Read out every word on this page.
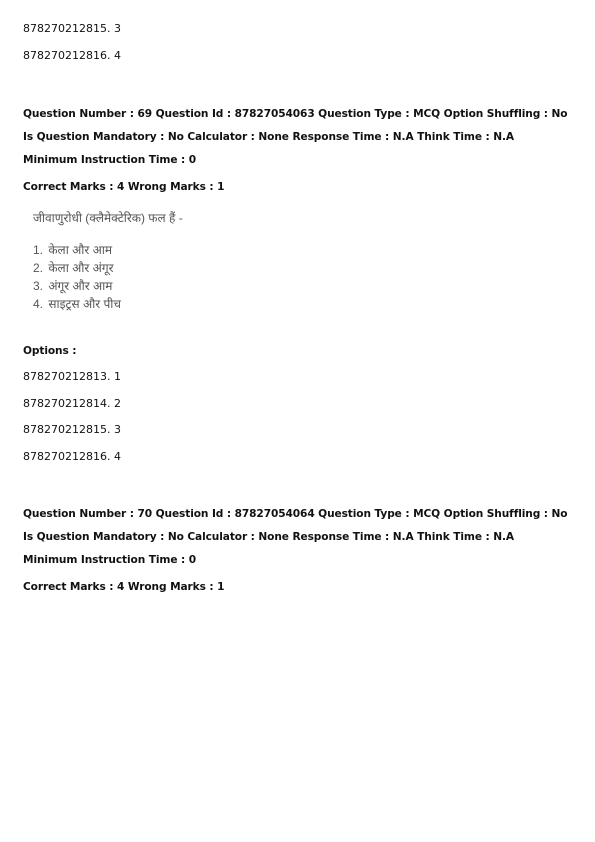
878270212815. 3
878270212816. 4
Question Number : 69 Question Id : 87827054063 Question Type : MCQ Option Shuffling : No
Is Question Mandatory : No Calculator : None Response Time : N.A Think Time : N.A
Minimum Instruction Time : 0
Correct Marks : 4 Wrong Marks : 1
जीवाणुरोधी (क्लैमेक्टेरिक) फल हैं -
1. केला और आम
2. केला और अंगूर
3. अंगूर और आम
4. साइट्रस और पीच
Options :
878270212813. 1
878270212814. 2
878270212815. 3
878270212816. 4
Question Number : 70 Question Id : 87827054064 Question Type : MCQ Option Shuffling : No
Is Question Mandatory : No Calculator : None Response Time : N.A Think Time : N.A
Minimum Instruction Time : 0
Correct Marks : 4 Wrong Marks : 1
